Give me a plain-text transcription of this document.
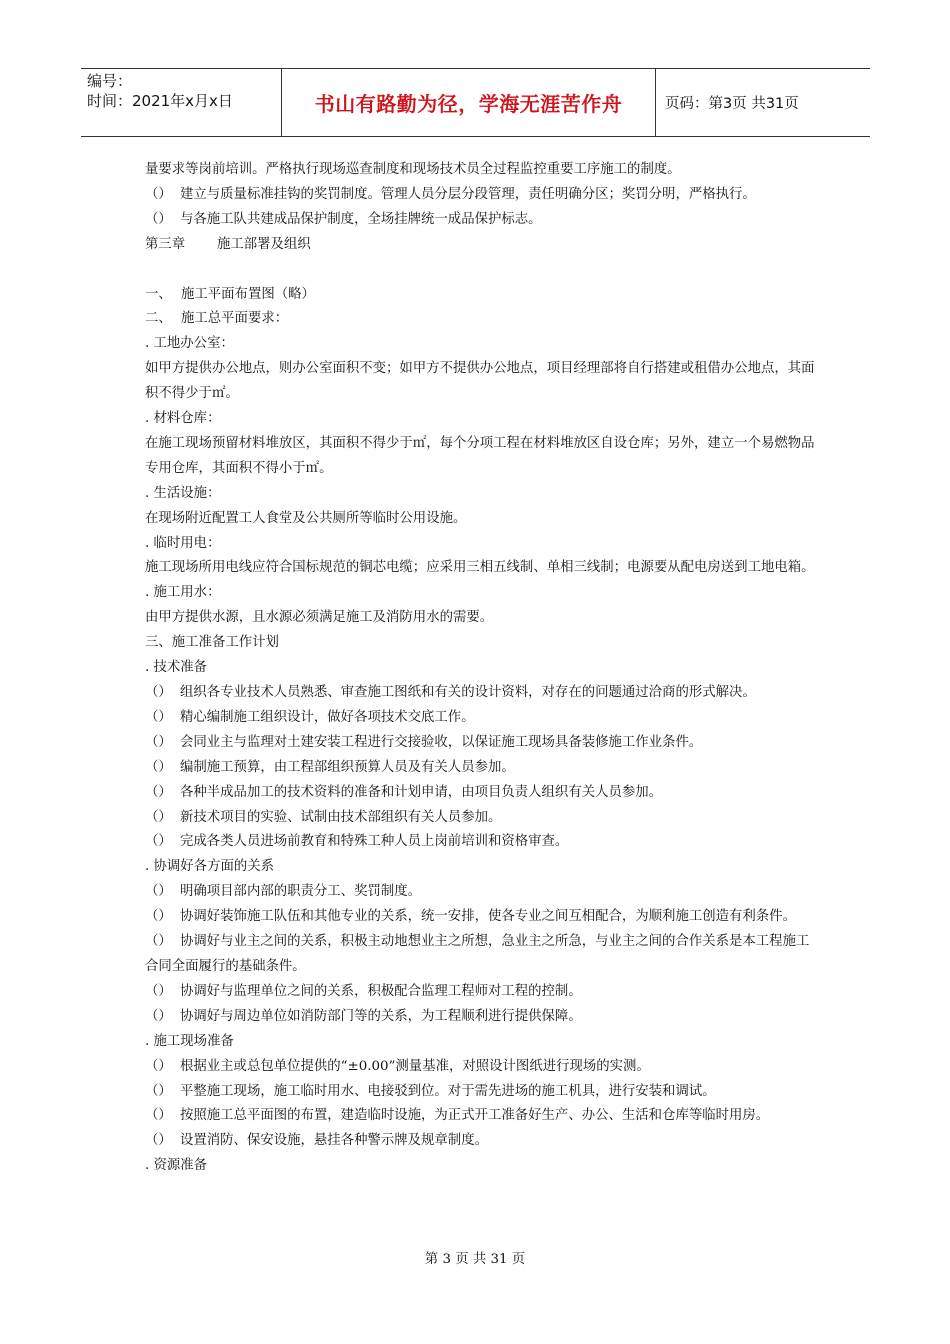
编号：
时间：2021年x月x日	书山有路勤为径，学海无涯苦作舟	页码：第3页 共31页
量要求等岗前培训。严格执行现场巡查制度和现场技术员全过程监控重要工序施工的制度。
（） 建立与质量标准挂钩的奖罚制度。管理人员分层分段管理，责任明确分区；奖罚分明，严格执行。
（） 与各施工队共建成品保护制度，全场挂牌统一成品保护标志。
第三章 施工部署及组织
一、 施工平面布置图（略）
二、 施工总平面要求：
. 工地办公室：
如甲方提供办公地点，则办公室面积不变；如甲方不提供办公地点，项目经理部将自行搭建或租借办公地点，其面积不得少于㎡。
. 材料仓库：
在施工现场预留材料堆放区，其面积不得少于㎡，每个分项工程在材料堆放区自设仓库；另外，建立一个易燃物品专用仓库，其面积不得小于㎡。
. 生活设施：
在现场附近配置工人食堂及公共厕所等临时公用设施。
. 临时用电：
施工现场所用电线应符合国标规范的铜芯电缆；应采用三相五线制、单相三线制；电源要从配电房送到工地电箱。
. 施工用水：
由甲方提供水源，且水源必须满足施工及消防用水的需要。
三、施工准备工作计划
. 技术准备
（） 组织各专业技术人员熟悉、审查施工图纸和有关的设计资料，对存在的问题通过洽商的形式解决。
（） 精心编制施工组织设计，做好各项技术交底工作。
（） 会同业主与监理对土建安装工程进行交接验收，以保证施工现场具备装修施工作业条件。
（） 编制施工预算，由工程部组织预算人员及有关人员参加。
（） 各种半成品加工的技术资料的准备和计划申请，由项目负责人组织有关人员参加。
（） 新技术项目的实验、试制由技术部组织有关人员参加。
（） 完成各类人员进场前教育和特殊工种人员上岗前培训和资格审查。
. 协调好各方面的关系
（） 明确项目部内部的职责分工、奖罚制度。
（） 协调好装饰施工队伍和其他专业的关系，统一安排，使各专业之间互相配合，为顺利施工创造有利条件。
（） 协调好与业主之间的关系，积极主动地想业主之所想，急业主之所急，与业主之间的合作关系是本工程施工合同全面履行的基础条件。
（） 协调好与监理单位之间的关系，积极配合监理工程师对工程的控制。
（） 协调好与周边单位如消防部门等的关系，为工程顺利进行提供保障。
. 施工现场准备
（） 根据业主或总包单位提供的“±0.00”测量基准，对照设计图纸进行现场的实测。
（） 平整施工现场，施工临时用水、电接驳到位。对于需先进场的施工机具，进行安装和调试。
（） 按照施工总平面图的布置，建造临时设施，为正式开工准备好生产、办公、生活和仓库等临时用房。
（） 设置消防、保安设施，悬挂各种警示牌及规章制度。
. 资源准备
第 3 页 共 31 页
